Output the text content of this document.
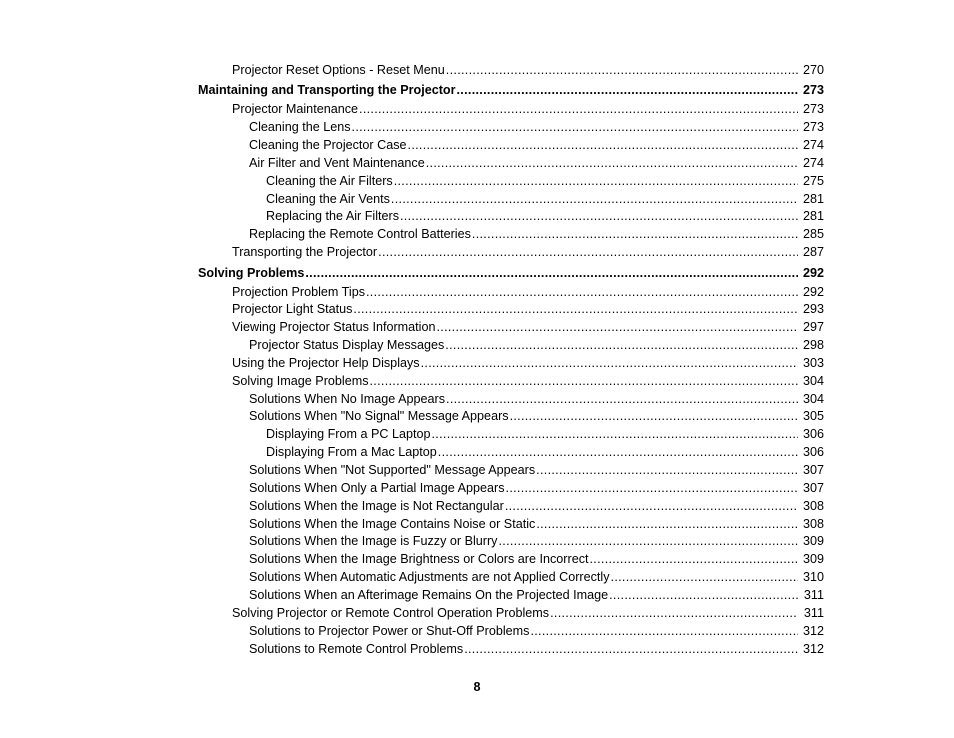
Projector Reset Options - Reset Menu .....	270
Maintaining and Transporting the Projector .....	273
Projector Maintenance .....	273
Cleaning the Lens .....	273
Cleaning the Projector Case .....	274
Air Filter and Vent Maintenance .....	274
Cleaning the Air Filters .....	275
Cleaning the Air Vents .....	281
Replacing the Air Filters .....	281
Replacing the Remote Control Batteries .....	285
Transporting the Projector .....	287
Solving Problems .....	292
Projection Problem Tips .....	292
Projector Light Status .....	293
Viewing Projector Status Information .....	297
Projector Status Display Messages .....	298
Using the Projector Help Displays .....	303
Solving Image Problems .....	304
Solutions When No Image Appears .....	304
Solutions When "No Signal" Message Appears .....	305
Displaying From a PC Laptop .....	306
Displaying From a Mac Laptop .....	306
Solutions When "Not Supported" Message Appears .....	307
Solutions When Only a Partial Image Appears .....	307
Solutions When the Image is Not Rectangular .....	308
Solutions When the Image Contains Noise or Static .....	308
Solutions When the Image is Fuzzy or Blurry .....	309
Solutions When the Image Brightness or Colors are Incorrect .....	309
Solutions When Automatic Adjustments are not Applied Correctly .....	310
Solutions When an Afterimage Remains On the Projected Image .....	311
Solving Projector or Remote Control Operation Problems .....	311
Solutions to Projector Power or Shut-Off Problems .....	312
Solutions to Remote Control Problems .....	312
8
